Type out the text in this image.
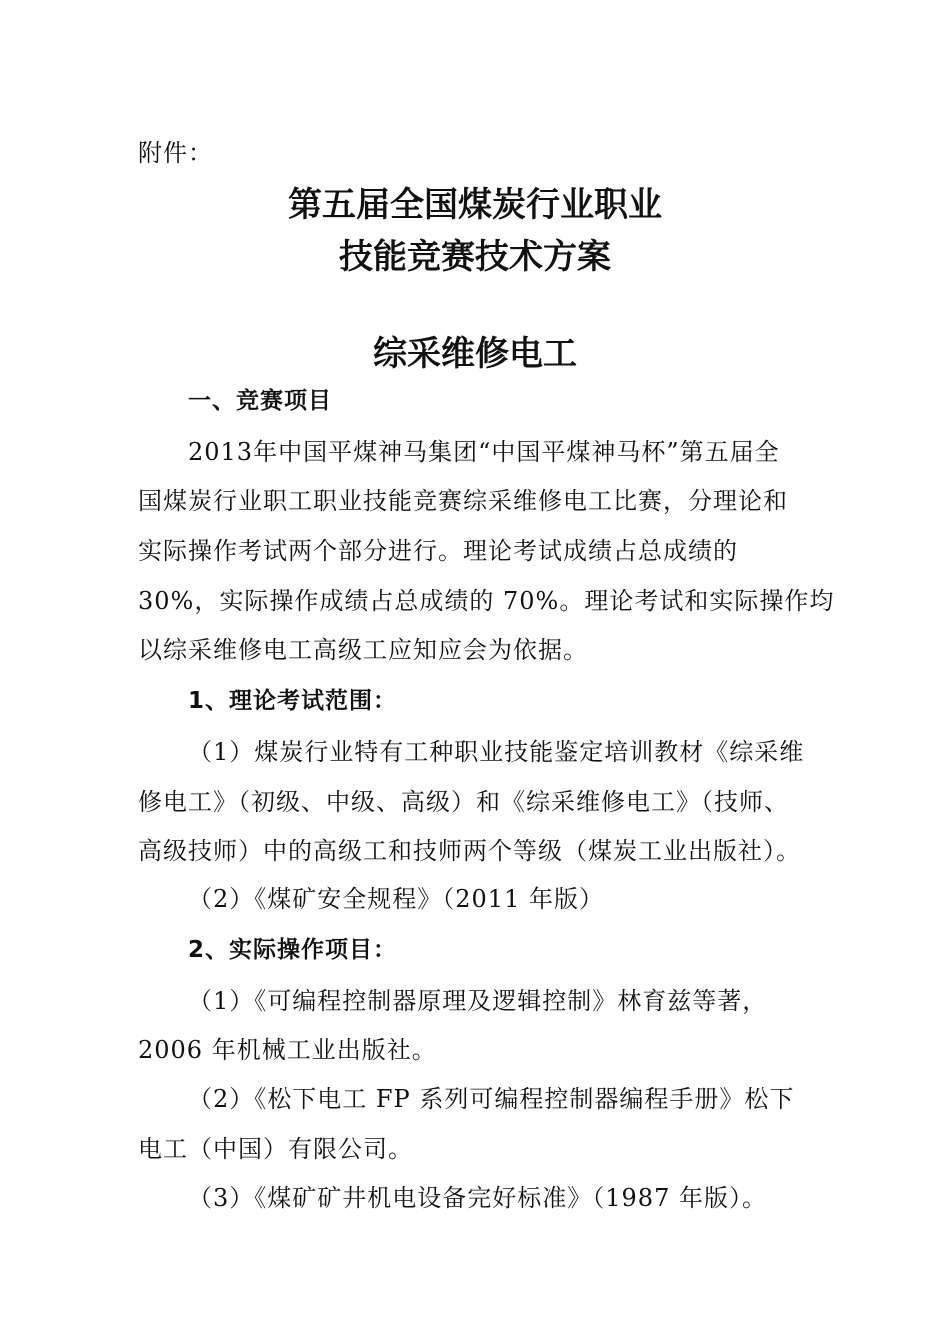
附件：
第五届全国煤炭行业职业
技能竞赛技术方案
综采维修电工
一、竞赛项目
2013年中国平煤神马集团“中国平煤神马杯”第五届全
国煤炭行业职工职业技能竞赛综采维修电工比赛，分理论和
实际操作考试两个部分进行。理论考试成绩占总成绩的
30%，实际操作成绩占总成绩的 70%。理论考试和实际操作均
以综采维修电工高级工应知应会为依据。
1、理论考试范围：
（1）煤炭行业特有工种职业技能鉴定培训教材《综采维
修电工》（初级、中级、高级）和《综采维修电工》（技师、
高级技师）中的高级工和技师两个等级（煤炭工业出版社）。
（2）《煤矿安全规程》（2011 年版）
2、实际操作项目：
（1）《可编程控制器原理及逻辑控制》林育兹等著，
2006 年机械工业出版社。
（2）《松下电工 FP 系列可编程控制器编程手册》松下
电工（中国）有限公司。
（3）《煤矿矿井机电设备完好标准》（1987 年版）。
